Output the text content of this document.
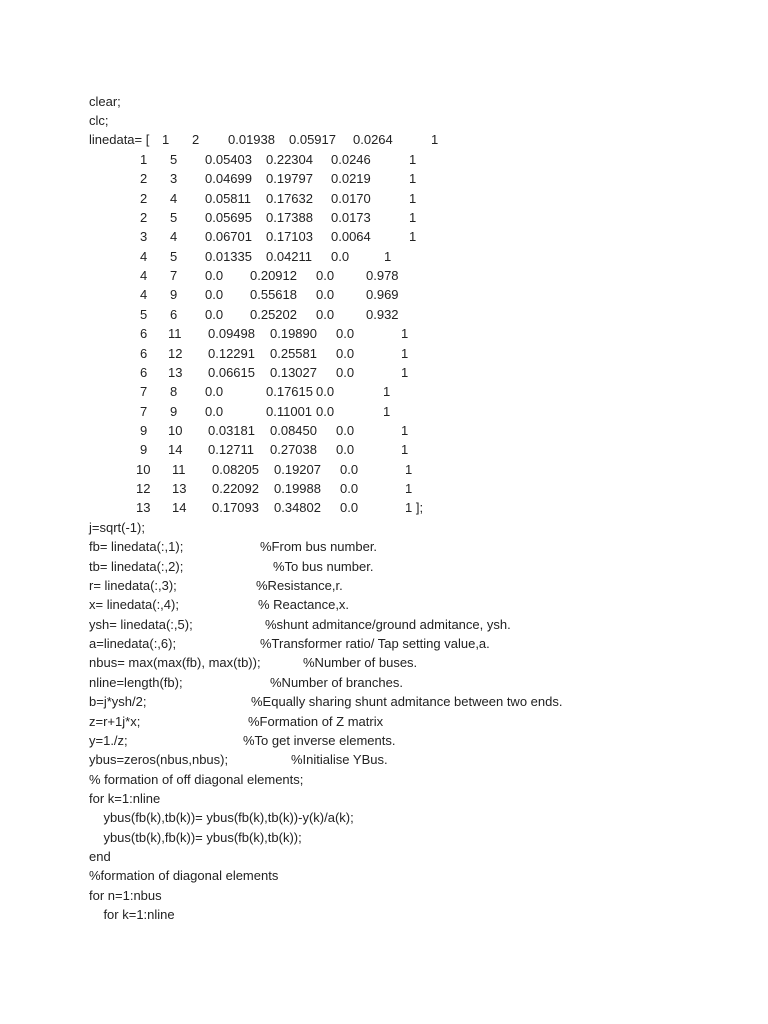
clear;
clc;
linedata= [ 1 2 0.01938 0.05917 0.0264	1
1 5 0.05403 0.22304 0.0246	1
2 3 0.04699 0.19797 0.0219	1
2 4 0.05811 0.17632 0.0170	1
2 5 0.05695 0.17388 0.0173	1
3 4 0.06701 0.17103 0.0064	1
4 5 0.01335 0.04211 0.0	1
4 7 0.0 0.20912 0.0 0.978
4 9 0.0 0.55618 0.0 0.969
5 6 0.0 0.25202 0.0 0.932
6 11 0.09498 0.19890 0.0	1
6 12 0.12291 0.25581 0.0	1
6 13 0.06615 0.13027 0.0	1
7 8 0.0	0.17615 0.0	1
7 9 0.0	0.11001 0.0	1
9 10 0.03181 0.08450 0.0	1
9 14 0.12711 0.27038 0.0	1
10 11 0.08205 0.19207 0.0	1
12 13 0.22092 0.19988 0.0	1
13 14 0.17093 0.34802 0.0	1 ];
j=sqrt(-1);
fb= linedata(:,1);	%From bus number.
tb= linedata(:,2);	%To bus number.
r= linedata(:,3);	%Resistance,r.
x= linedata(:,4);	% Reactance,x.
ysh= linedata(:,5);	%shunt admitance/ground admitance, ysh.
a=linedata(:,6);	%Transformer ratio/ Tap setting value,a.
nbus= max(max(fb), max(tb));	%Number of buses.
nline=length(fb);	%Number of branches.
b=j*ysh/2;	%Equally sharing shunt admitance between two ends.
z=r+1j*x;	%Formation of Z matrix
y=1./z;	%To get inverse elements.
ybus=zeros(nbus,nbus);	%Initialise YBus.
% formation of off diagonal elements;
for k=1:nline
ybus(fb(k),tb(k))= ybus(fb(k),tb(k))-y(k)/a(k);
ybus(tb(k),fb(k))= ybus(fb(k),tb(k));
end
%formation of diagonal elements
for n=1:nbus
for k=1:nline
